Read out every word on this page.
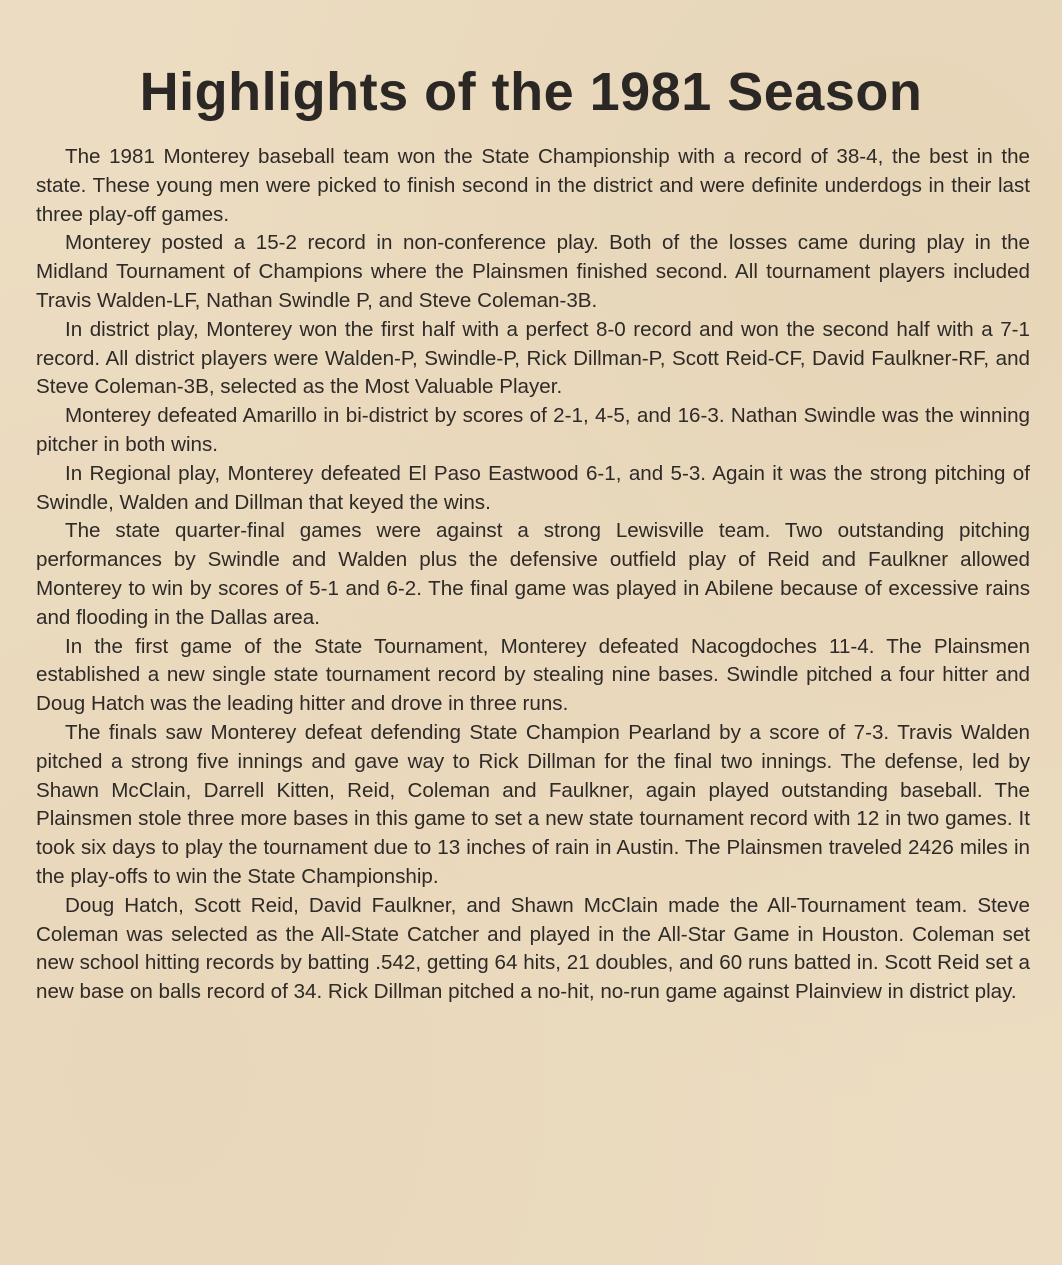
Highlights of the 1981 Season

The 1981 Monterey baseball team won the State Championship with a record of 38-4, the best in the state. These young men were picked to finish second in the district and were definite underdogs in their last three play-off games.

Monterey posted a 15-2 record in non-conference play. Both of the losses came during play in the Midland Tournament of Champions where the Plainsmen finished second. All tournament players included Travis Walden-LF, Nathan Swindle P, and Steve Coleman-3B.

In district play, Monterey won the first half with a perfect 8-0 record and won the second half with a 7-1 record. All district players were Walden-P, Swindle-P, Rick Dillman-P, Scott Reid-CF, David Faulkner-RF, and Steve Coleman-3B, selected as the Most Valuable Player.

Monterey defeated Amarillo in bi-district by scores of 2-1, 4-5, and 16-3. Nathan Swindle was the winning pitcher in both wins.

In Regional play, Monterey defeated El Paso Eastwood 6-1, and 5-3. Again it was the strong pitching of Swindle, Walden and Dillman that keyed the wins.

The state quarter-final games were against a strong Lewisville team. Two outstanding pitching performances by Swindle and Walden plus the defensive outfield play of Reid and Faulkner allowed Monterey to win by scores of 5-1 and 6-2. The final game was played in Abilene because of excessive rains and flooding in the Dallas area.

In the first game of the State Tournament, Monterey defeated Nacogdoches 11-4. The Plainsmen established a new single state tournament record by stealing nine bases. Swindle pitched a four hitter and Doug Hatch was the leading hitter and drove in three runs.

The finals saw Monterey defeat defending State Champion Pearland by a score of 7-3. Travis Walden pitched a strong five innings and gave way to Rick Dillman for the final two innings. The defense, led by Shawn McClain, Darrell Kitten, Reid, Coleman and Faulkner, again played outstanding baseball. The Plainsmen stole three more bases in this game to set a new state tournament record with 12 in two games. It took six days to play the tournament due to 13 inches of rain in Austin. The Plainsmen traveled 2426 miles in the play-offs to win the State Championship.

Doug Hatch, Scott Reid, David Faulkner, and Shawn McClain made the All-Tournament team. Steve Coleman was selected as the All-State Catcher and played in the All-Star Game in Houston. Coleman set new school hitting records by batting .542, getting 64 hits, 21 doubles, and 60 runs batted in. Scott Reid set a new base on balls record of 34. Rick Dillman pitched a no-hit, no-run game against Plainview in district play.
